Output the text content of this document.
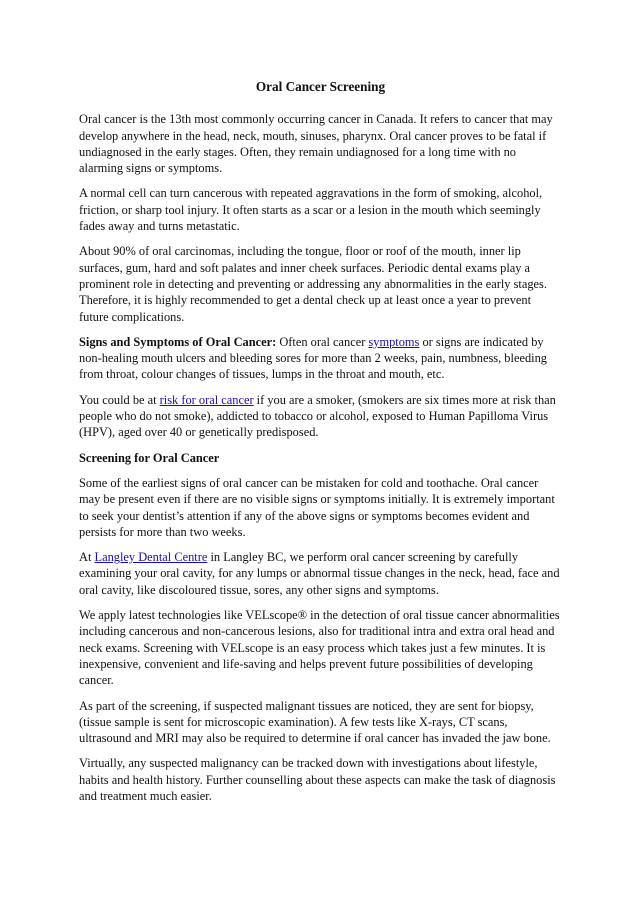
Oral Cancer Screening

Oral cancer is the 13th most commonly occurring cancer in Canada. It refers to cancer that may develop anywhere in the head, neck, mouth, sinuses, pharynx. Oral cancer proves to be fatal if undiagnosed in the early stages. Often, they remain undiagnosed for a long time with no alarming signs or symptoms.

A normal cell can turn cancerous with repeated aggravations in the form of smoking, alcohol, friction, or sharp tool injury. It often starts as a scar or a lesion in the mouth which seemingly fades away and turns metastatic.

About 90% of oral carcinomas, including the tongue, floor or roof of the mouth, inner lip surfaces, gum, hard and soft palates and inner cheek surfaces. Periodic dental exams play a prominent role in detecting and preventing or addressing any abnormalities in the early stages. Therefore, it is highly recommended to get a dental check up at least once a year to prevent future complications.

Signs and Symptoms of Oral Cancer: Often oral cancer symptoms or signs are indicated by non-healing mouth ulcers and bleeding sores for more than 2 weeks, pain, numbness, bleeding from throat, colour changes of tissues, lumps in the throat and mouth, etc.

You could be at risk for oral cancer if you are a smoker, (smokers are six times more at risk than people who do not smoke), addicted to tobacco or alcohol, exposed to Human Papilloma Virus (HPV), aged over 40 or genetically predisposed.

Screening for Oral Cancer

Some of the earliest signs of oral cancer can be mistaken for cold and toothache. Oral cancer may be present even if there are no visible signs or symptoms initially. It is extremely important to seek your dentist’s attention if any of the above signs or symptoms becomes evident and persists for more than two weeks.

At Langley Dental Centre in Langley BC, we perform oral cancer screening by carefully examining your oral cavity, for any lumps or abnormal tissue changes in the neck, head, face and oral cavity, like discoloured tissue, sores, any other signs and symptoms.

We apply latest technologies like VELscope® in the detection of oral tissue cancer abnormalities including cancerous and non-cancerous lesions, also for traditional intra and extra oral head and neck exams. Screening with VELscope is an easy process which takes just a few minutes. It is inexpensive, convenient and life-saving and helps prevent future possibilities of developing cancer.

As part of the screening, if suspected malignant tissues are noticed, they are sent for biopsy, (tissue sample is sent for microscopic examination). A few tests like X-rays, CT scans, ultrasound and MRI may also be required to determine if oral cancer has invaded the jaw bone.

Virtually, any suspected malignancy can be tracked down with investigations about lifestyle, habits and health history. Further counselling about these aspects can make the task of diagnosis and treatment much easier.
